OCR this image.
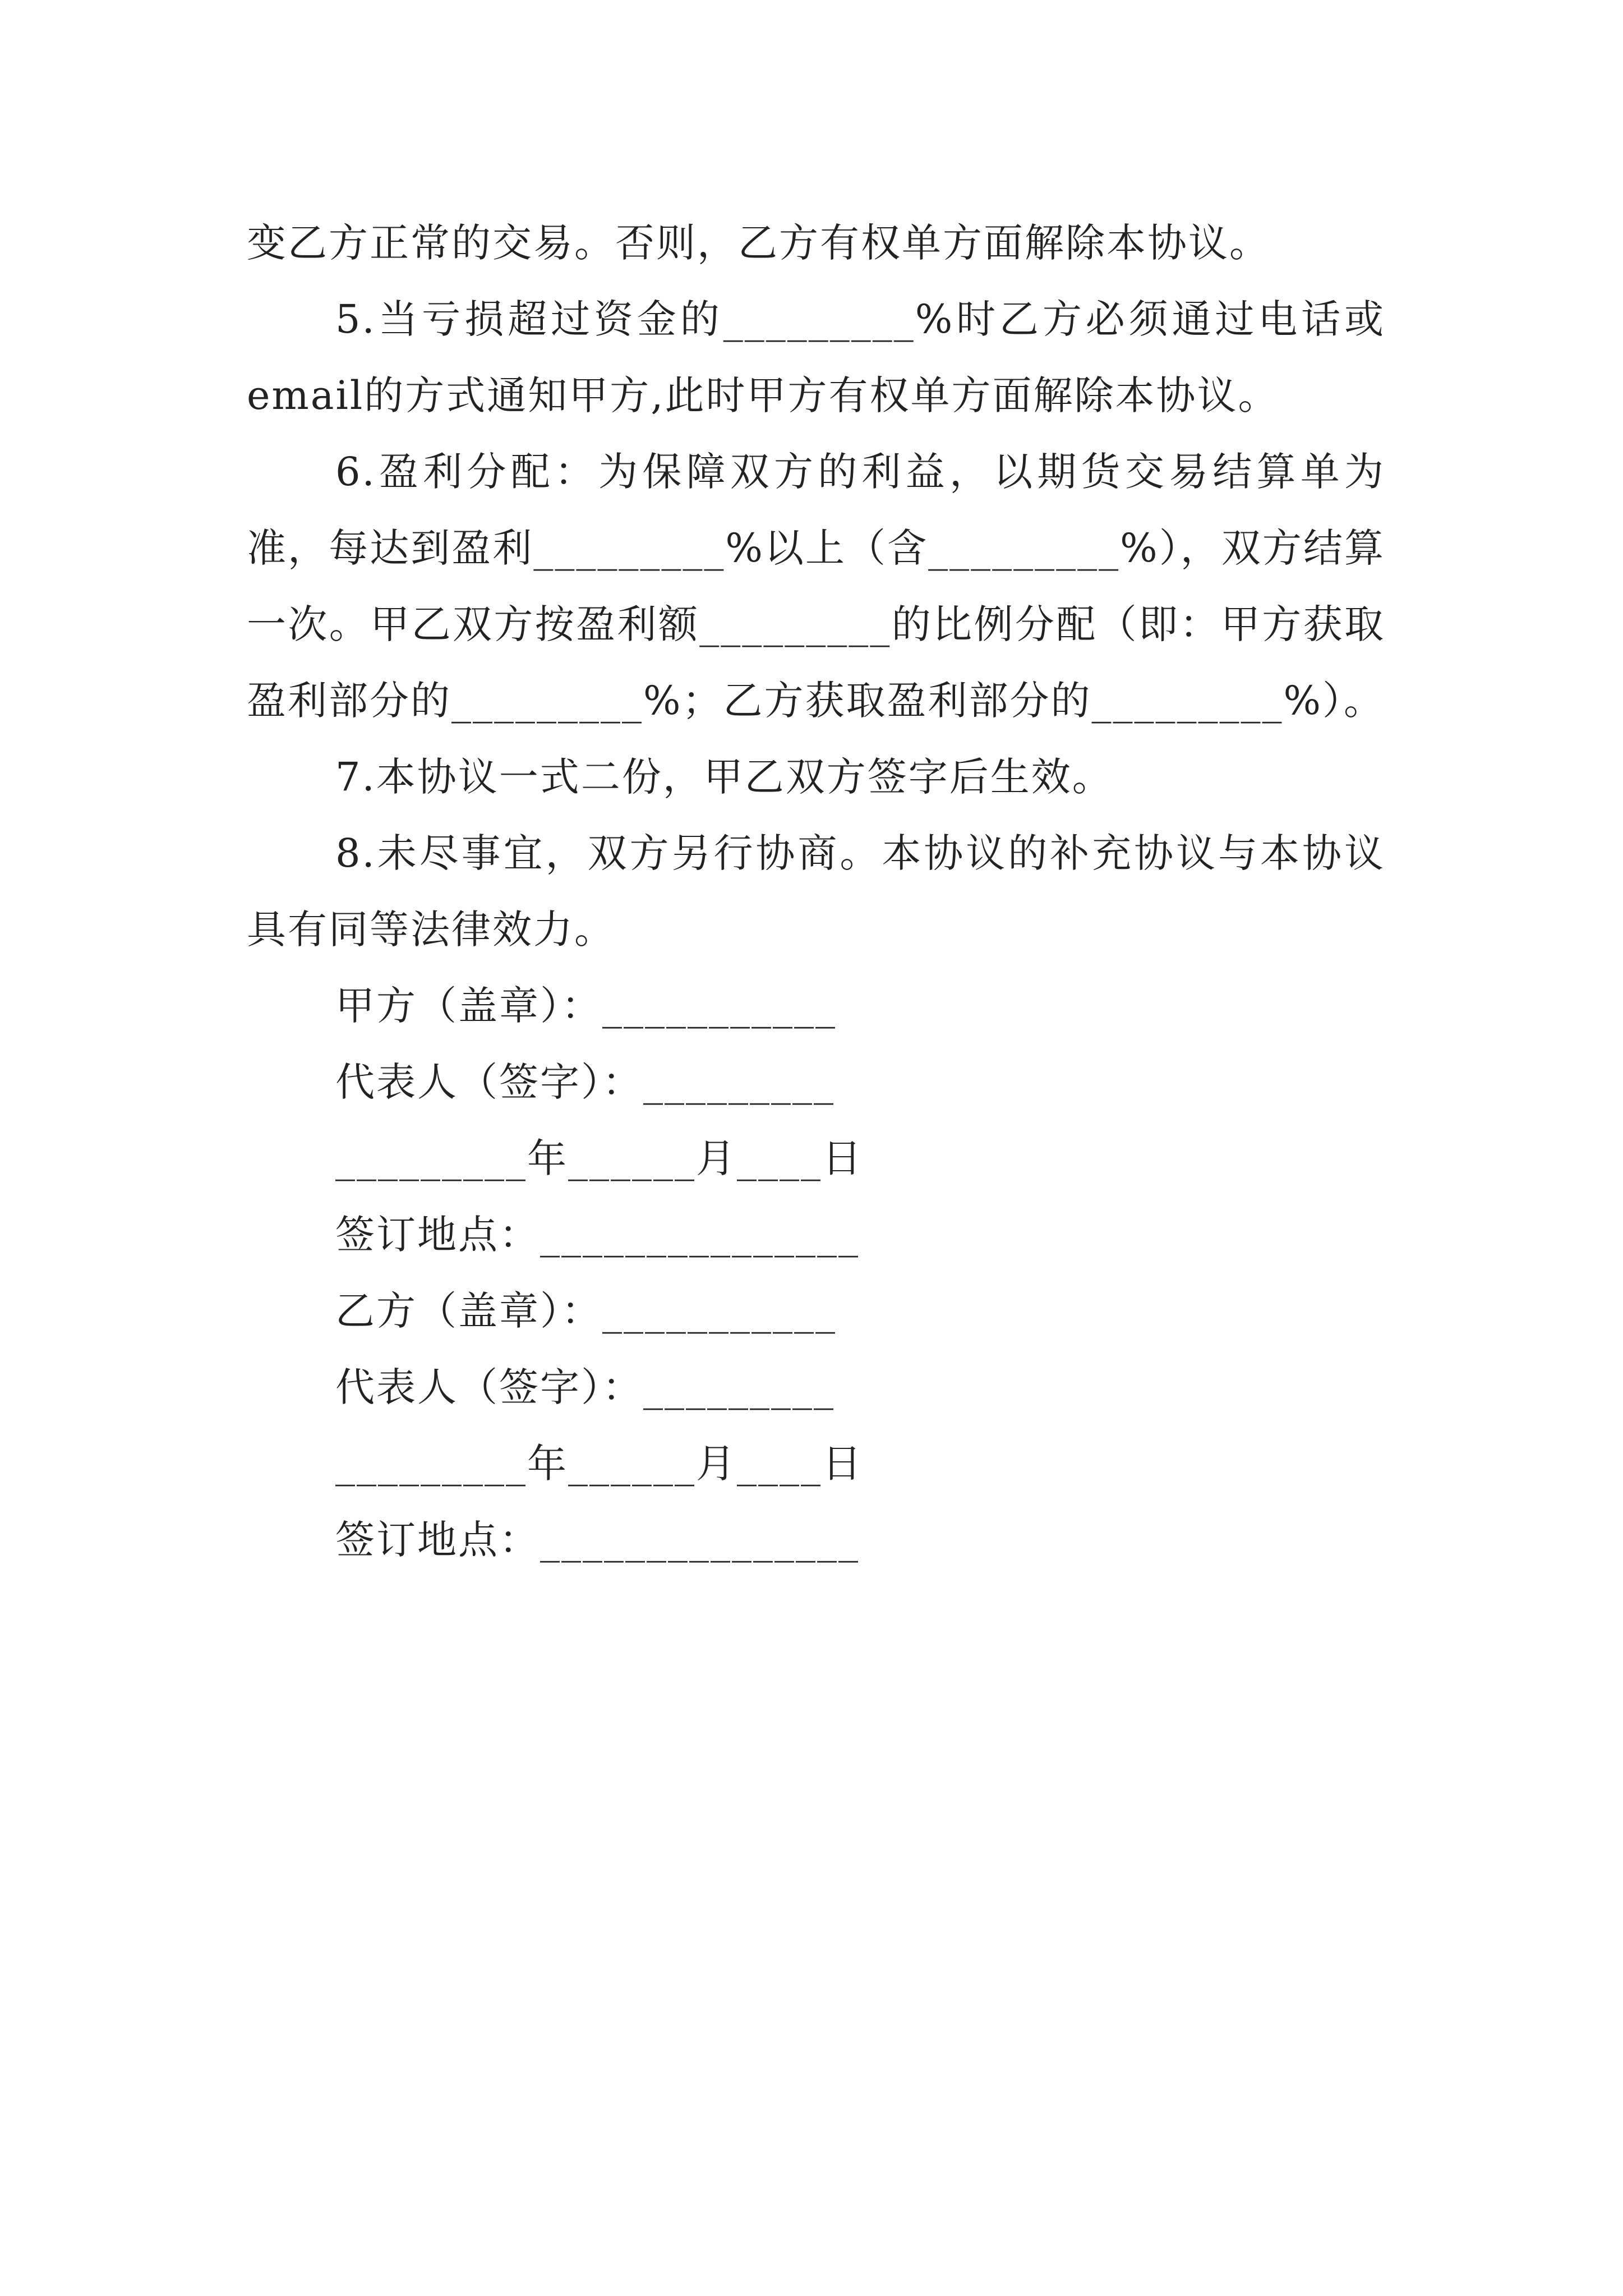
变乙方正常的交易。否则，乙方有权单方面解除本协议。

5.当亏损超过资金的_________%时乙方必须通过电话或email的方式通知甲方,此时甲方有权单方面解除本协议。

6.盈利分配：为保障双方的利益，以期货交易结算单为准，每达到盈利_________%以上（含_________%），双方结算一次。甲乙双方按盈利额_________的比例分配（即：甲方获取盈利部分的_________%；乙方获取盈利部分的_________%）。

7.本协议一式二份，甲乙双方签字后生效。

8.未尽事宜，双方另行协商。本协议的补充协议与本协议具有同等法律效力。

甲方（盖章）：___________

代表人（签字）：_________

_________年______月____日

签订地点：_______________

乙方（盖章）：___________

代表人（签字）：_________

_________年______月____日

签订地点：_______________
